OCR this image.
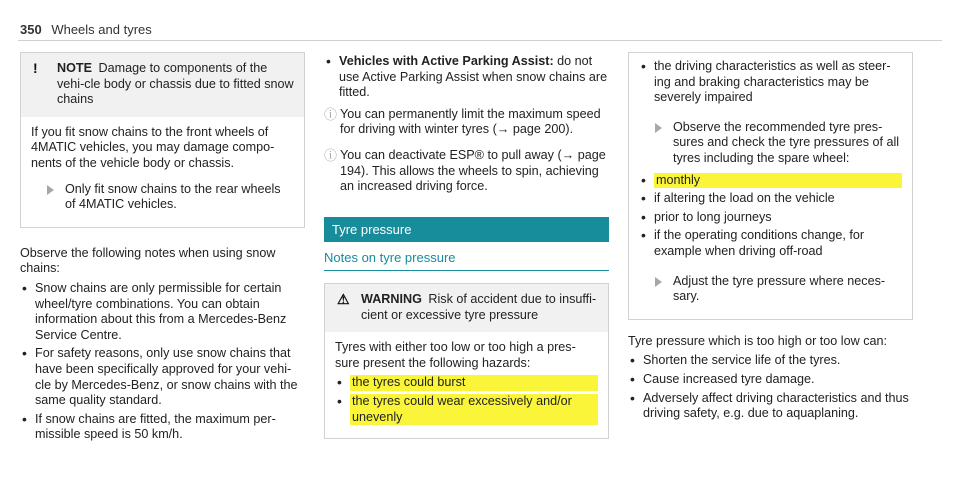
350 Wheels and tyres
!	NOTE Damage to components of the vehi-cle body or chassis due to fitted snow chains

If you fit snow chains to the front wheels of 4MATIC vehicles, you may damage compo-nents of the vehicle body or chassis.

Only fit snow chains to the rear wheels of 4MATIC vehicles.

Observe the following notes when using snow chains:

• Snow chains are only permissible for certain wheel/tyre combinations. You can obtain information about this from a Mercedes-Benz Service Centre.
• For safety reasons, only use snow chains that have been specifically approved for your vehi-cle by Mercedes-Benz, or snow chains with the same quality standard.
• If snow chains are fitted, the maximum per-missible speed is 50 km/h.
• Vehicles with Active Parking Assist: do not use Active Parking Assist when snow chains are fitted.
ⓘ You can permanently limit the maximum speed for driving with winter tyres (→ page 200).
ⓘ You can deactivate ESP® to pull away (→ page 194). This allows the wheels to spin, achieving an increased driving force.
Tyre pressure
Notes on tyre pressure
⚠ WARNING Risk of accident due to insuffi-cient or excessive tyre pressure

Tyres with either too low or too high a pres-sure present the following hazards:

• the tyres could burst
• the tyres could wear excessively and/or unevenly
• the driving characteristics as well as steer-ing and braking characteristics may be severely impaired
Observe the recommended tyre pres-sures and check the tyre pressures of all tyres including the spare wheel:
• monthly
• if altering the load on the vehicle
• prior to long journeys
• if the operating conditions change, for example when driving off-road
Adjust the tyre pressure where neces-sary.

Tyre pressure which is too high or too low can:

• Shorten the service life of the tyres.
• Cause increased tyre damage.
• Adversely affect driving characteristics and thus driving safety, e.g. due to aquaplaning.
